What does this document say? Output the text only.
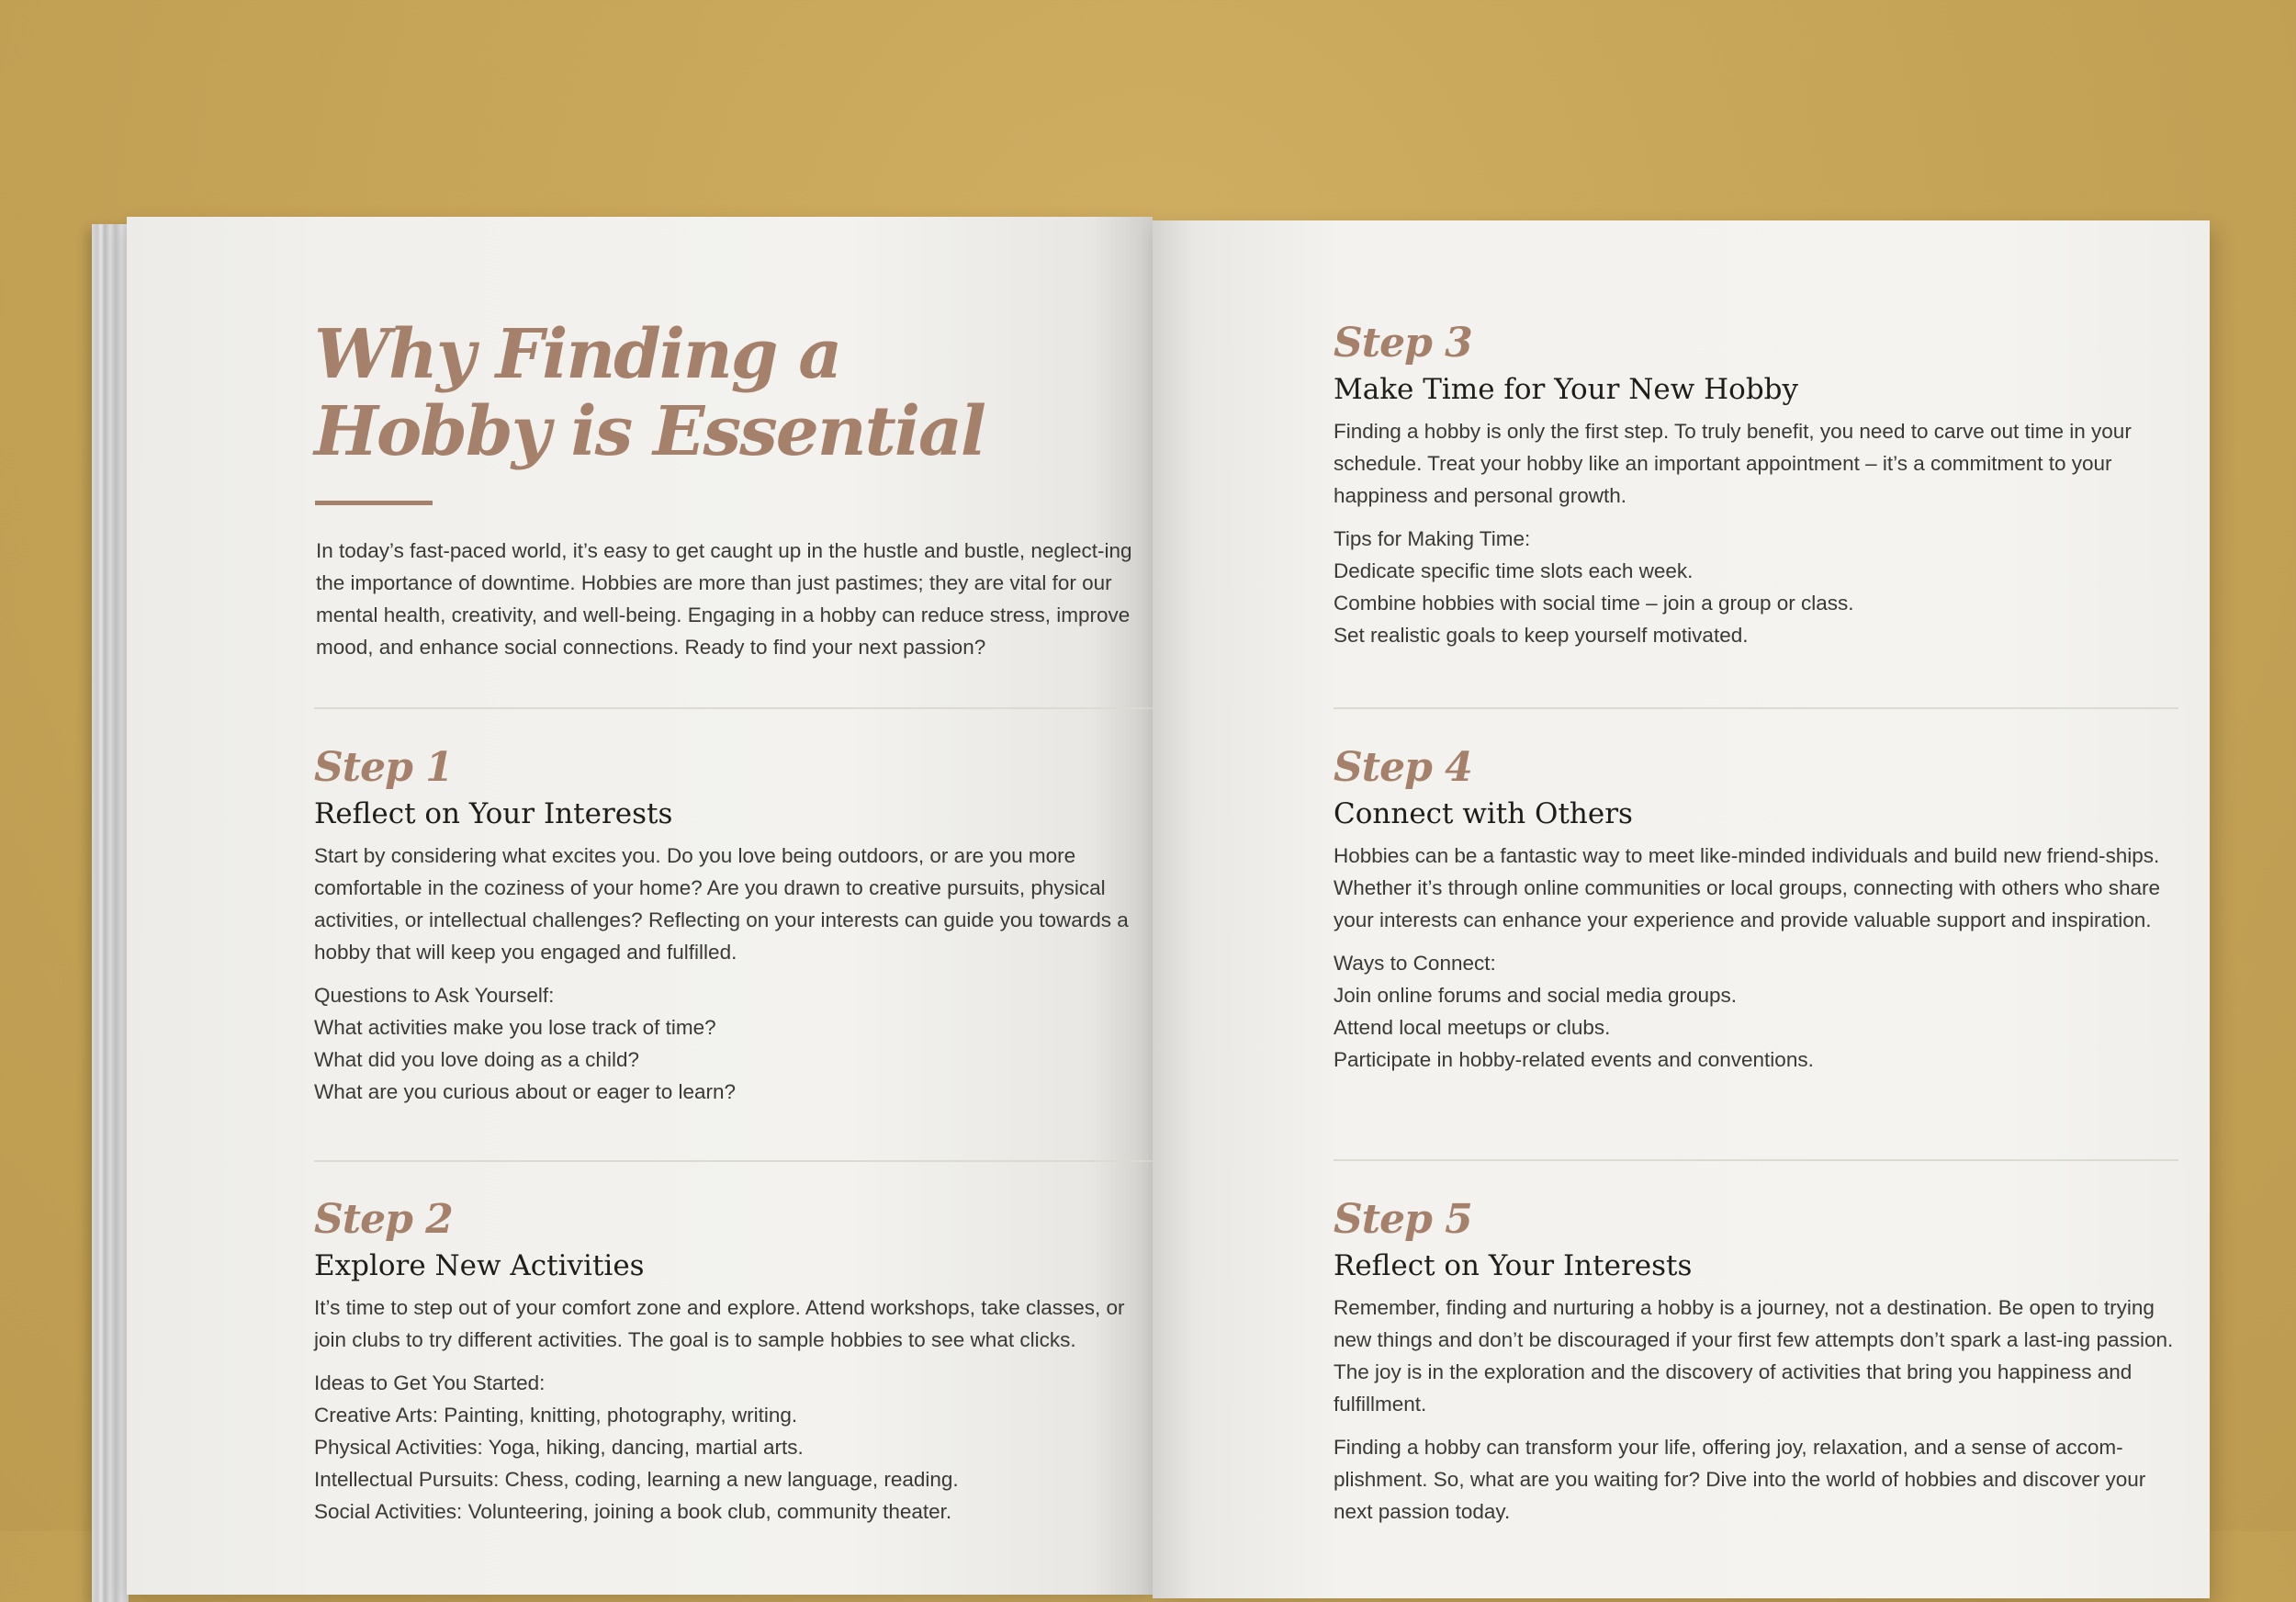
Why Finding a
Hobby is Essential

In today’s fast-paced world, it’s easy to get caught up in the hustle and bustle, neglect-ing the importance of downtime. Hobbies are more than just pastimes; they are vital for our mental health, creativity, and well-being. Engaging in a hobby can reduce stress, improve mood, and enhance social connections. Ready to find your next passion?

Step 1

Reflect on Your Interests

Start by considering what excites you. Do you love being outdoors, or are you more comfortable in the coziness of your home? Are you drawn to creative pursuits, physical activities, or intellectual challenges? Reflecting on your interests can guide you towards a hobby that will keep you engaged and fulfilled.

Questions to Ask Yourself:
What activities make you lose track of time?
What did you love doing as a child?
What are you curious about or eager to learn?

Step 2

Explore New Activities

It’s time to step out of your comfort zone and explore. Attend workshops, take classes, or join clubs to try different activities. The goal is to sample hobbies to see what clicks.

Ideas to Get You Started:
Creative Arts: Painting, knitting, photography, writing.
Physical Activities: Yoga, hiking, dancing, martial arts.
Intellectual Pursuits: Chess, coding, learning a new language, reading.
Social Activities: Volunteering, joining a book club, community theater.

Step 3

Make Time for Your New Hobby

Finding a hobby is only the first step. To truly benefit, you need to carve out time in your schedule. Treat your hobby like an important appointment – it’s a commitment to your happiness and personal growth.

Tips for Making Time:
Dedicate specific time slots each week.
Combine hobbies with social time – join a group or class.
Set realistic goals to keep yourself motivated.

Step 4

Connect with Others

Hobbies can be a fantastic way to meet like-minded individuals and build new friend-ships. Whether it’s through online communities or local groups, connecting with others who share your interests can enhance your experience and provide valuable support and inspiration.

Ways to Connect:
Join online forums and social media groups.
Attend local meetups or clubs.
Participate in hobby-related events and conventions.

Step 5

Reflect on Your Interests

Remember, finding and nurturing a hobby is a journey, not a destination. Be open to trying new things and don’t be discouraged if your first few attempts don’t spark a last-ing passion. The joy is in the exploration and the discovery of activities that bring you happiness and fulfillment.

Finding a hobby can transform your life, offering joy, relaxation, and a sense of accom-plishment. So, what are you waiting for? Dive into the world of hobbies and discover your next passion today.
